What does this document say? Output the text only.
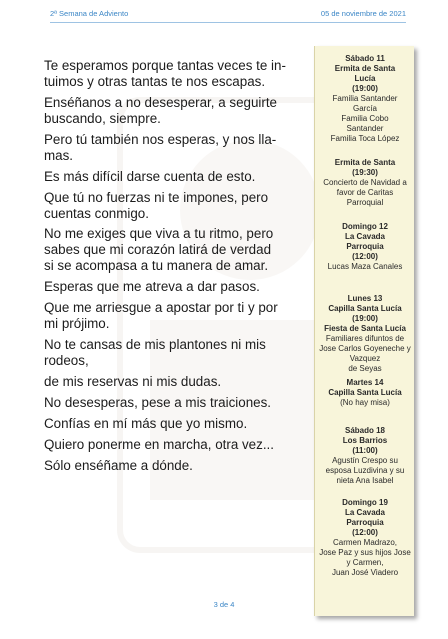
2ª Semana de Adviento	05 de noviembre de 2021

Te esperamos porque tantas veces te in-

tuimos y otras tantas te nos escapas.

Enséñanos a no desesperar, a seguirte

buscando, siempre.

Pero tú también nos esperas, y nos lla-

mas.

Es más difícil darse cuenta de esto.

Que tú no fuerzas ni te impones, pero

cuentas conmigo.

No me exiges que viva a tu ritmo, pero

sabes que mi corazón latirá de verdad

si se acompasa a tu manera de amar.

Esperas que me atreva a dar pasos.

Que me arriesgue a apostar por ti y por

mi prójimo.

No te cansas de mis plantones ni mis

rodeos,

de mis reservas ni mis dudas.

No desesperas, pese a mis traiciones.

Confías en mí más que yo mismo.

Quiero ponerme en marcha, otra vez...

Sólo enséñame a dónde.

Sábado 11
Ermita de Santa
Lucía
(19:00)
Familia Santander
García
Familia Cobo
Santander
Familia Toca López
Ermita de Santa
(19:30)
Concierto de Navidad a
favor de Caritas
Parroquial
Domingo 12
La Cavada
Parroquia
(12:00)
Lucas Maza Canales
Lunes 13
Capilla Santa Lucía
(19:00)
Fiesta de Santa Lucía
Familiares difuntos de
Jose Carlos Goyeneche y
Vazquez
de Seyas
Martes 14
Capilla Santa Lucía
(No hay misa)
Sábado 18
Los Barrios
(11:00)
Agustín Crespo su
esposa Luzdivina y su
nieta Ana Isabel
Domingo 19
La Cavada
Parroquia
(12:00)
Carmen Madrazo,
Jose Paz y sus hijos Jose
y Carmen,
Juan José Viadero
3 de 4
